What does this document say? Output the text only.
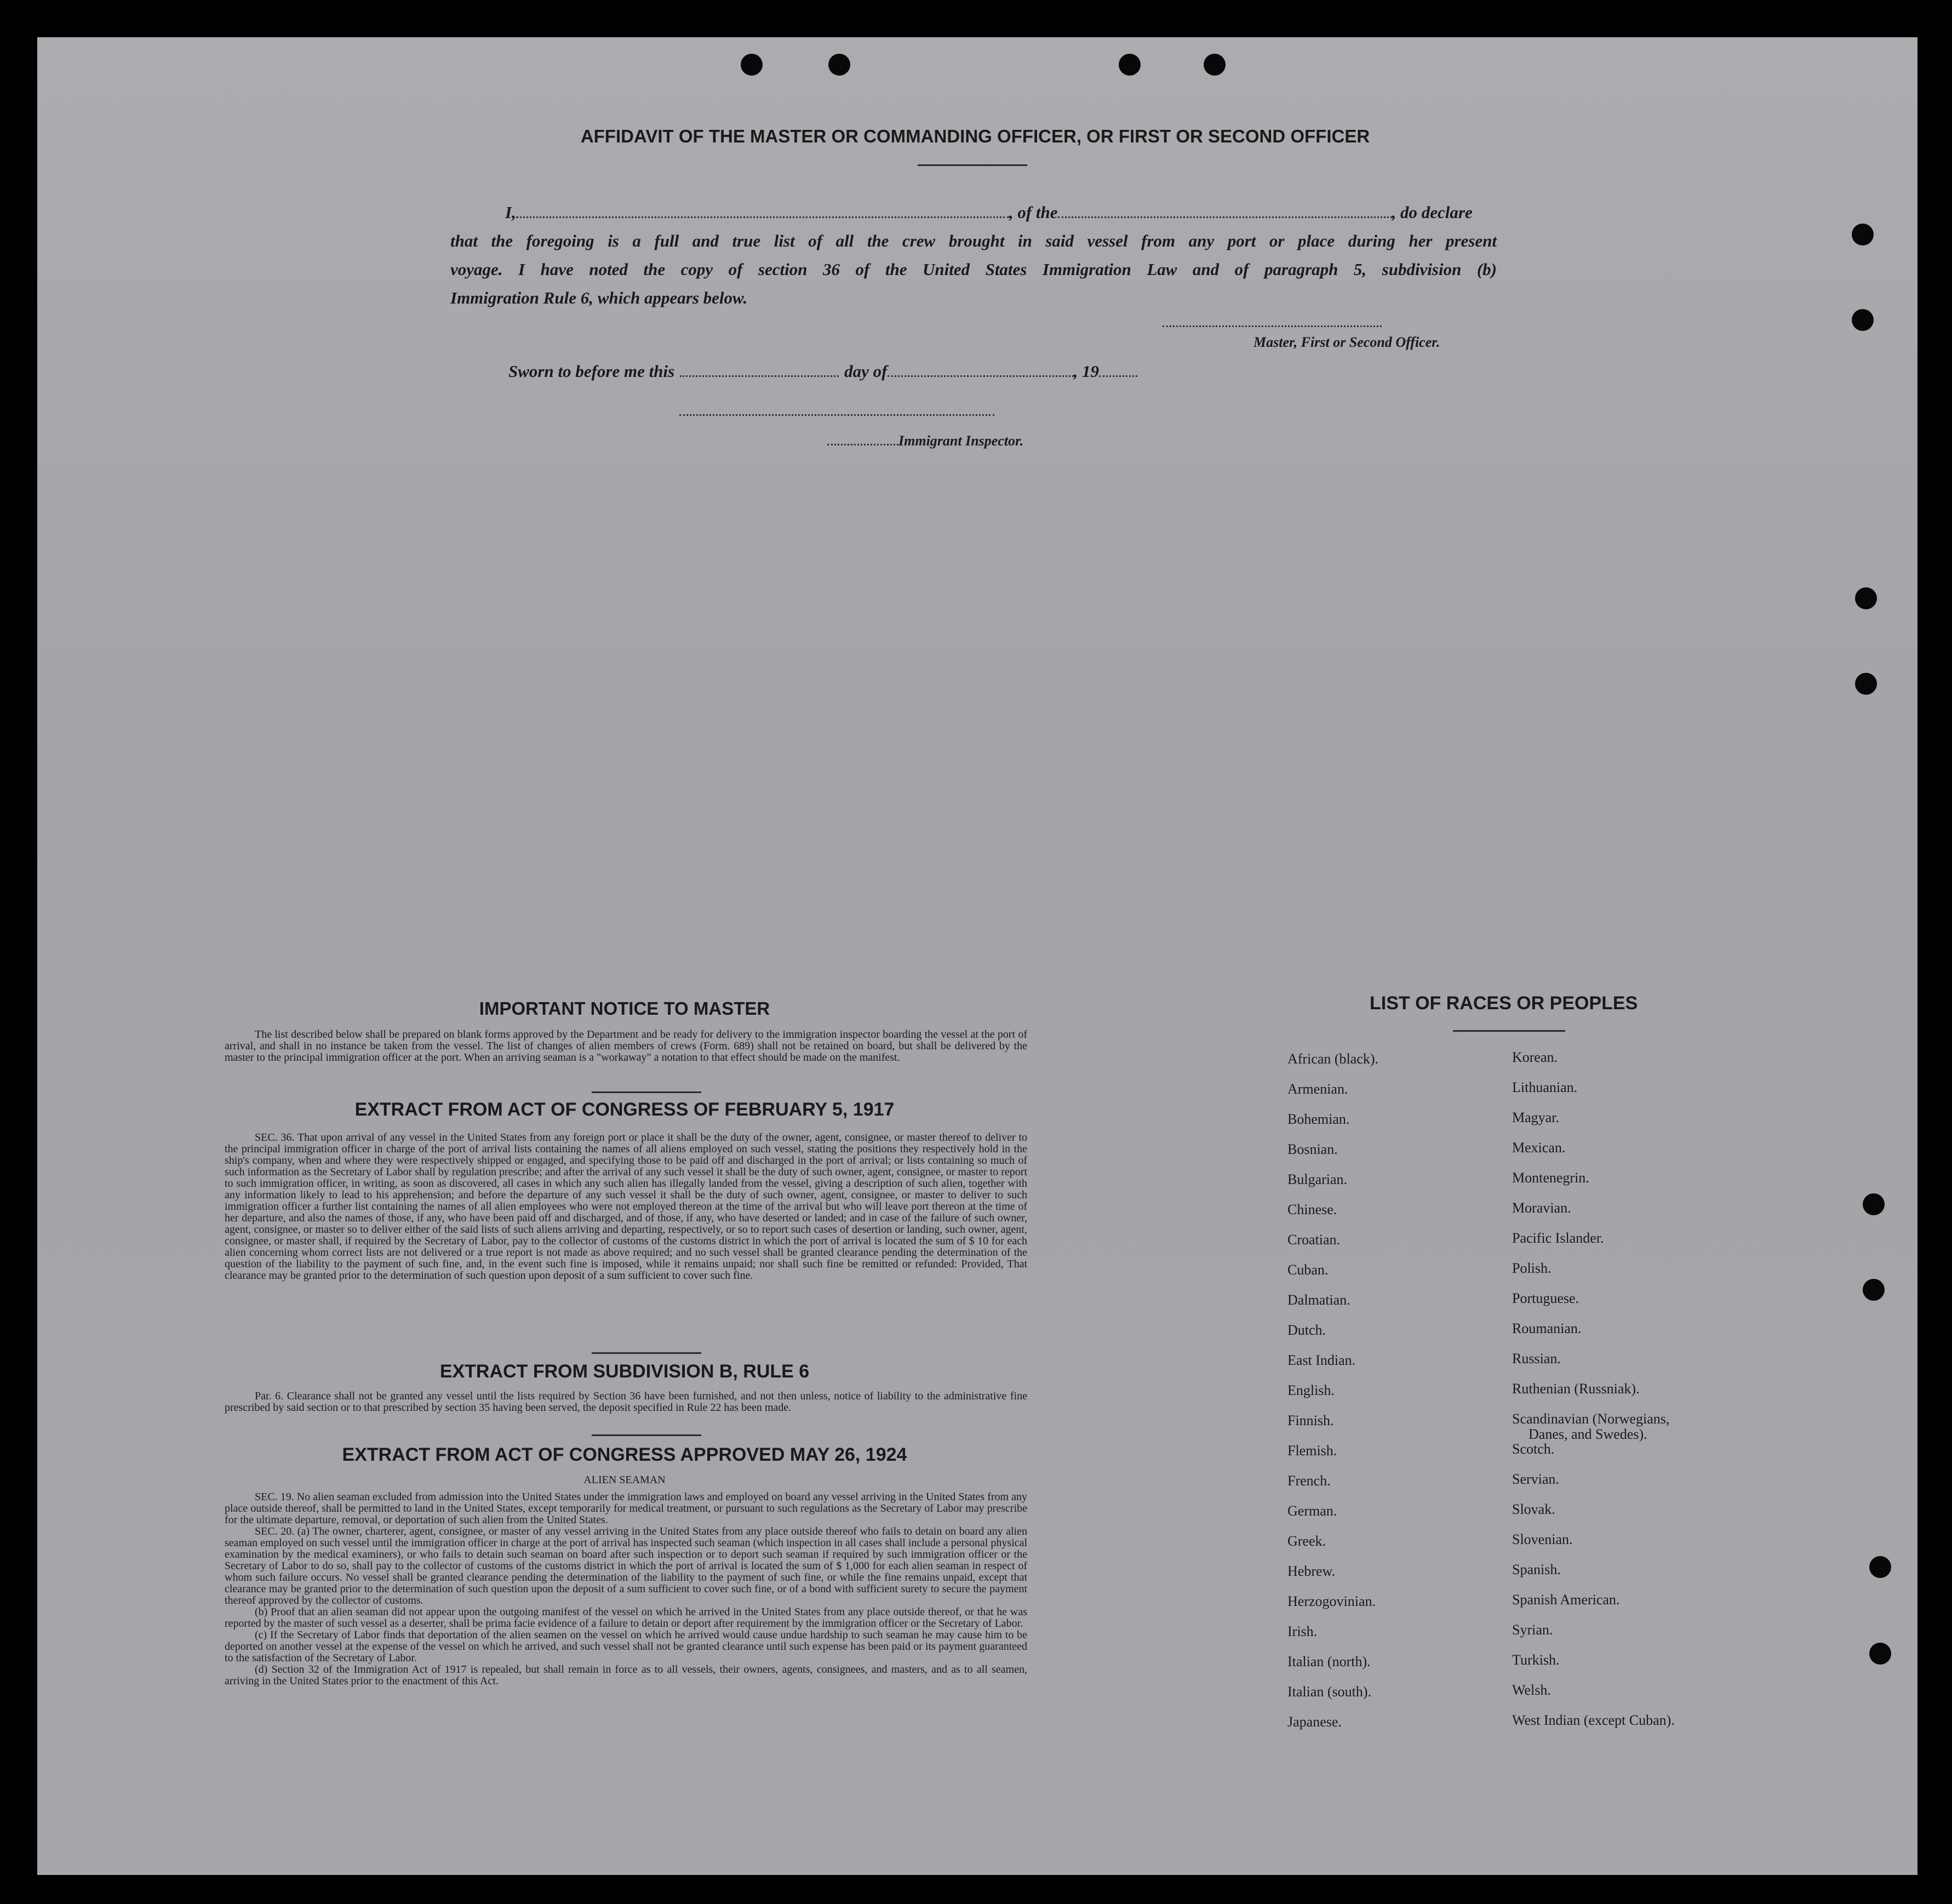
AFFIDAVIT OF THE MASTER OR COMMANDING OFFICER, OR FIRST OR SECOND OFFICER
I,	, of the	, do declare
that the foregoing is a full and true list of all the crew brought in said vessel from any port or place during her present
voyage. I have noted the copy of section 36 of the United States Immigration Law and of paragraph 5, subdivision (b)
Immigration Rule 6, which appears below.
Master, First or Second Officer.
Sworn to before me this	day of	, 19
Immigrant Inspector.
IMPORTANT NOTICE TO MASTER
The list described below shall be prepared on blank forms approved by the Department and be ready for delivery to the immigration inspector boarding the vessel at the port of arrival, and shall in no instance be taken from the vessel. The list of changes of alien members of crews (Form. 689) shall not be retained on board, but shall be delivered by the master to the principal immigration officer at the port. When an arriving seaman is a "workaway" a notation to that effect should be made on the manifest.
EXTRACT FROM ACT OF CONGRESS OF FEBRUARY 5, 1917
SEC. 36. That upon arrival of any vessel in the United States from any foreign port or place it shall be the duty of the owner, agent, consignee, or master thereof to deliver to the principal immigration officer in charge of the port of arrival lists containing the names of all aliens employed on such vessel, stating the positions they respectively hold in the ship's company, when and where they were respectively shipped or engaged, and specifying those to be paid off and discharged in the port of arrival; or lists containing so much of such information as the Secretary of Labor shall by regulation prescribe; and after the arrival of any such vessel it shall be the duty of such owner, agent, consignee, or master to report to such immigration officer, in writing, as soon as discovered, all cases in which any such alien has illegally landed from the vessel, giving a description of such alien, together with any information likely to lead to his apprehension; and before the departure of any such vessel it shall be the duty of such owner, agent, consignee, or master to deliver to such immigration officer a further list containing the names of all alien employees who were not employed thereon at the time of the arrival but who will leave port thereon at the time of her departure, and also the names of those, if any, who have been paid off and discharged, and of those, if any, who have deserted or landed; and in case of the failure of such owner, agent, consignee, or master so to deliver either of the said lists of such aliens arriving and departing, respectively, or so to report such cases of desertion or landing, such owner, agent, consignee, or master shall, if required by the Secretary of Labor, pay to the collector of customs of the customs district in which the port of arrival is located the sum of $ 10 for each alien concerning whom correct lists are not delivered or a true report is not made as above required; and no such vessel shall be granted clearance pending the determination of the question of the liability to the payment of such fine, and, in the event such fine is imposed, while it remains unpaid; nor shall such fine be remitted or refunded: Provided, That clearance may be granted prior to the determination of such question upon deposit of a sum sufficient to cover such fine.
EXTRACT FROM SUBDIVISION B, RULE 6
Par. 6. Clearance shall not be granted any vessel until the lists required by Section 36 have been furnished, and not then unless, notice of liability to the administrative fine prescribed by said section or to that prescribed by section 35 having been served, the deposit specified in Rule 22 has been made.
EXTRACT FROM ACT OF CONGRESS APPROVED MAY 26, 1924
ALIEN SEAMAN
SEC. 19. No alien seaman excluded from admission into the United States under the immigration laws and employed on board any vessel arriving in the United States from any place outside thereof, shall be permitted to land in the United States, except temporarily for medical treatment, or pursuant to such regulations as the Secretary of Labor may prescribe for the ultimate departure, removal, or deportation of such alien from the United States.
SEC. 20. (a) The owner, charterer, agent, consignee, or master of any vessel arriving in the United States from any place outside thereof who fails to detain on board any alien seaman employed on such vessel until the immigration officer in charge at the port of arrival has inspected such seaman (which inspection in all cases shall include a personal physical examination by the medical examiners), or who fails to detain such seaman on board after such inspection or to deport such seaman if required by such immigration officer or the Secretary of Labor to do so, shall pay to the collector of customs of the customs district in which the port of arrival is located the sum of $ 1,000 for each alien seaman in respect of whom such failure occurs. No vessel shall be granted clearance pending the determination of the liability to the payment of such fine, or while the fine remains unpaid, except that clearance may be granted prior to the determination of such question upon the deposit of a sum sufficient to cover such fine, or of a bond with sufficient surety to secure the payment thereof approved by the collector of customs.
(b) Proof that an alien seaman did not appear upon the outgoing manifest of the vessel on which he arrived in the United States from any place outside thereof, or that he was reported by the master of such vessel as a deserter, shall be prima facie evidence of a failure to detain or deport after requirement by the immigration officer or the Secretary of Labor.
(c) If the Secretary of Labor finds that deportation of the alien seamen on the vessel on which he arrived would cause undue hardship to such seaman he may cause him to be deported on another vessel at the expense of the vessel on which he arrived, and such vessel shall not be granted clearance until such expense has been paid or its payment guaranteed to the satisfaction of the Secretary of Labor.
(d) Section 32 of the Immigration Act of 1917 is repealed, but shall remain in force as to all vessels, their owners, agents, consignees, and masters, and as to all seamen, arriving in the United States prior to the enactment of this Act.
LIST OF RACES OR PEOPLES
African (black).
Armenian.
Bohemian.
Bosnian.
Bulgarian.
Chinese.
Croatian.
Cuban.
Dalmatian.
Dutch.
East Indian.
English.
Finnish.
Flemish.
French.
German.
Greek.
Hebrew.
Herzogovinian.
Irish.
Italian (north).
Italian (south).
Japanese.
Korean.
Lithuanian.
Magyar.
Mexican.
Montenegrin.
Moravian.
Pacific Islander.
Polish.
Portuguese.
Roumanian.
Russian.
Ruthenian (Russniak).
Scandinavian (Norwegians,
Scotch.
Servian.
Slovak.
Slovenian.
Spanish.
Spanish American.
Syrian.
Turkish.
Welsh.
West Indian (except Cuban).
Danes, and Swedes).
